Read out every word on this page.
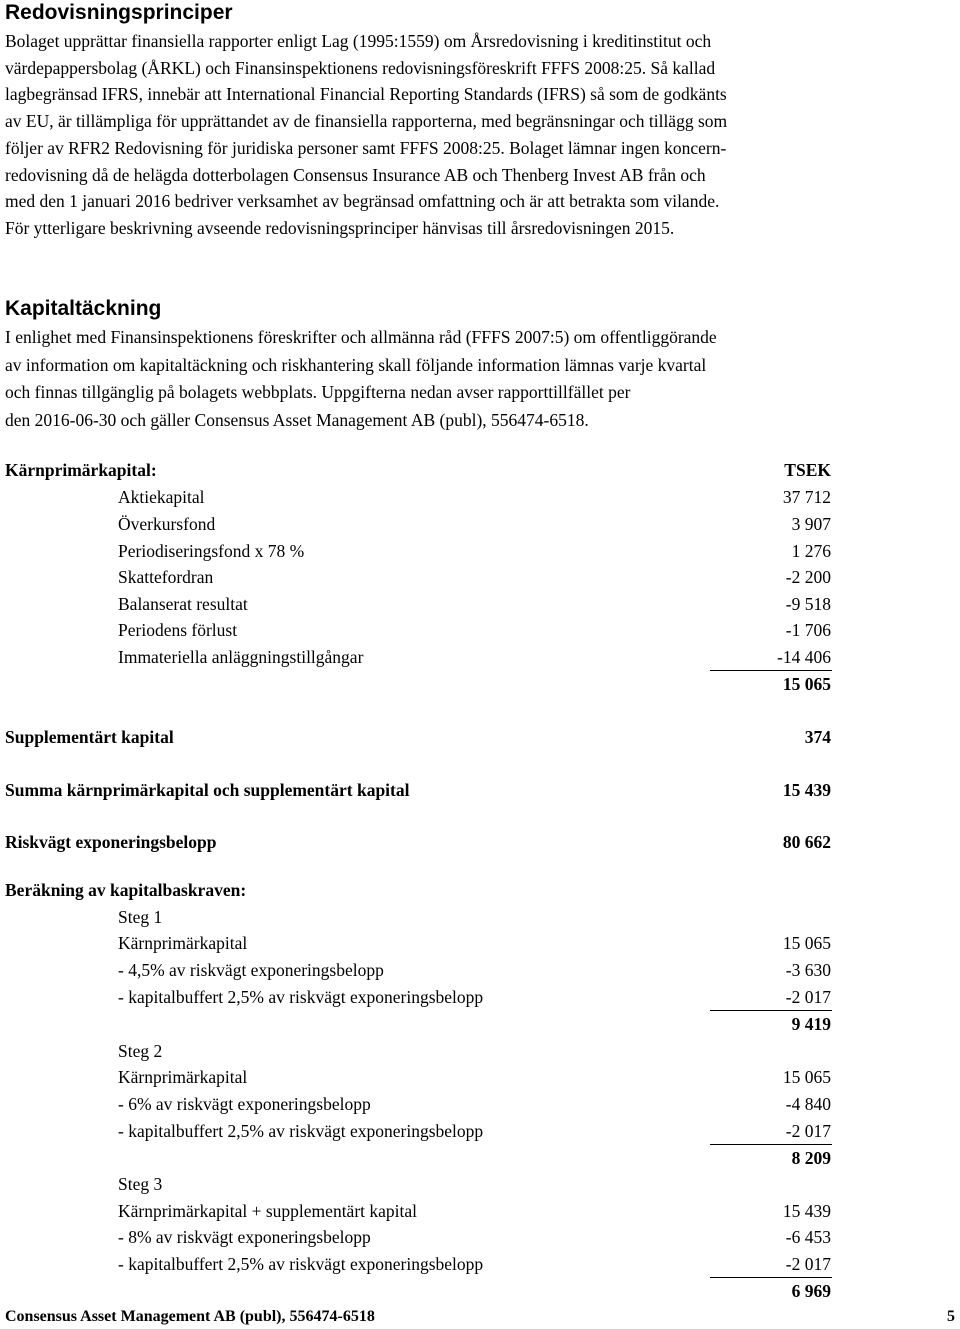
Redovisningsprinciper
Bolaget upprättar finansiella rapporter enligt Lag (1995:1559) om Årsredovisning i kreditinstitut och
värdepappersbolag (ÅRKL) och Finansinspektionens redovisningsföreskrift FFFS 2008:25. Så kallad
lagbegränsad IFRS, innebär att International Financial Reporting Standards (IFRS) så som de godkänts
av EU, är tillämpliga för upprättandet av de finansiella rapporterna, med begränsningar och tillägg som
följer av RFR2 Redovisning för juridiska personer samt FFFS 2008:25. Bolaget lämnar ingen koncern-
redovisning då de helägda dotterbolagen Consensus Insurance AB och Thenberg Invest AB från och
med den 1 januari 2016 bedriver verksamhet av begränsad omfattning och är att betrakta som vilande.
För ytterligare beskrivning avseende redovisningsprinciper hänvisas till årsredovisningen 2015.
Kapitaltäckning
I enlighet med Finansinspektionens föreskrifter och allmänna råd (FFFS 2007:5) om offentliggörande
av information om kapitaltäckning och riskhantering skall följande information lämnas varje kvartal
och finnas tillgänglig på bolagets webbplats. Uppgifterna nedan avser rapporttillfället per
den 2016-06-30 och gäller Consensus Asset Management AB (publ), 556474-6518.
Kärnprimärkapital:	TSEK
Aktiekapital	37 712
Överkursfond	3 907
Periodiseringsfond x 78 %	1 276
Skattefordran	-2 200
Balanserat resultat	-9 518
Periodens förlust	-1 706
Immateriella anläggningstillgångar	-14 406
15 065
Supplementärt kapital	374
Summa kärnprimärkapital och supplementärt kapital	15 439
Riskvägt exponeringsbelopp	80 662
Beräkning av kapitalbaskraven:
Steg 1
Kärnprimärkapital	15 065
- 4,5% av riskvägt exponeringsbelopp	-3 630
- kapitalbuffert 2,5% av riskvägt exponeringsbelopp	-2 017
9 419
Steg 2
Kärnprimärkapital	15 065
- 6% av riskvägt exponeringsbelopp	-4 840
- kapitalbuffert 2,5% av riskvägt exponeringsbelopp	-2 017
8 209
Steg 3
Kärnprimärkapital + supplementärt kapital	15 439
- 8% av riskvägt exponeringsbelopp	-6 453
- kapitalbuffert 2,5% av riskvägt exponeringsbelopp	-2 017
6 969
Consensus Asset Management AB (publ), 556474-6518	5
